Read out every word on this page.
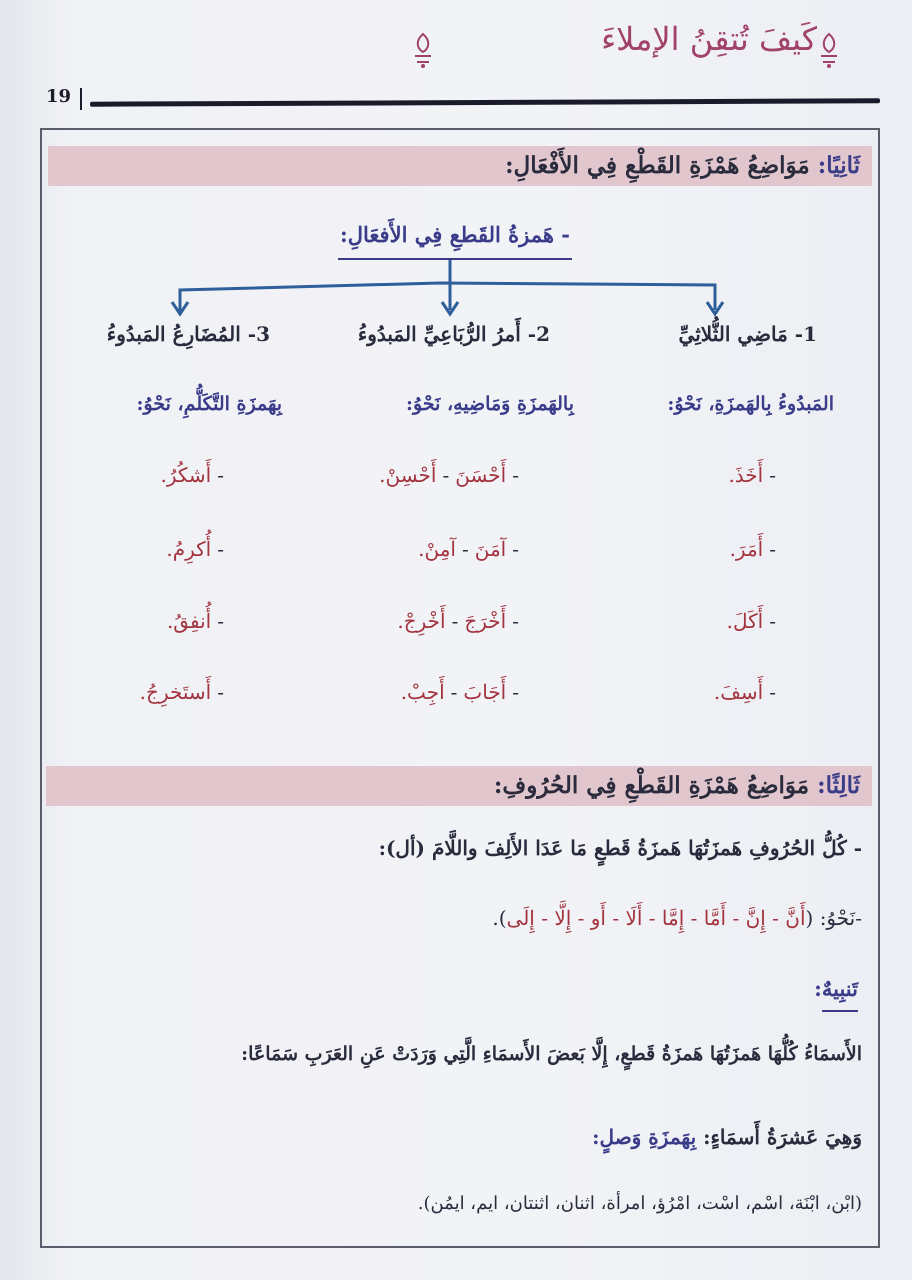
كَيفَ تُتقِنُ الإملاءَ
19
ثَانِيًا: مَوَاضِعُ هَمْزَةِ القَطْعِ فِي الأَفْعَالِ:
- هَمزةُ القَطعِ فِي الأَفعَالِ:
1- مَاضِي الثُّلاثِيِّ
المَبدُوءُ بِالهَمزَةِ، نَحْوُ:
-أَخَذَ.
-أَمَرَ.
-أَكَلَ.
-أَسِفَ.
2- أَمرُ الرُّبَاعِيِّ المَبدُوءُ
بِالهَمزَةِ وَمَاضِيهِ، نَحْوُ:
-أَحْسَنَ-أَحْسِنْ.
-آمَنَ-آمِنْ.
-أَخْرَجَ-أَخْرِجْ.
-أَجَابَ-أَجِبْ.
3- المُضَارِعُ المَبدُوءُ
بِهَمزَةِ التَّكَلُّمِ، نَحْوُ:
-أَشكُرُ.
-أُكرِمُ.
-أُنفِقُ.
-أَستَخرِجُ.
ثَالِثًا: مَوَاضِعُ هَمْزَةِ القَطْعِ فِي الحُرُوفِ:
- كُلُّ الحُرُوفِ هَمزَتُهَا هَمزَةُ قَطعٍ مَا عَدَا الأَلِفَ واللَّامَ (أل):
-نَحْوُ: (أَنَّ - إِنَّ - أَمَّا - إِمَّا - أَلَا - أَو - إِلَّا - إِلَى).
تَنبِيهٌ:
الأَسمَاءُ كُلُّهَا هَمزَتُهَا هَمزَةُ قَطعٍ، إِلَّا بَعضَ الأَسمَاءِ الَّتِي وَرَدَتْ عَنِ العَرَبِ سَمَاعًا:
وَهِيَ عَشرَةُ أَسمَاءٍ: بِهَمزَةِ وَصلٍ:
(ابْن، ابْنَة، اسْم، اسْت، امْرُؤ، امرأة، اثنان، اثنتان، ايم، ايمُن).
